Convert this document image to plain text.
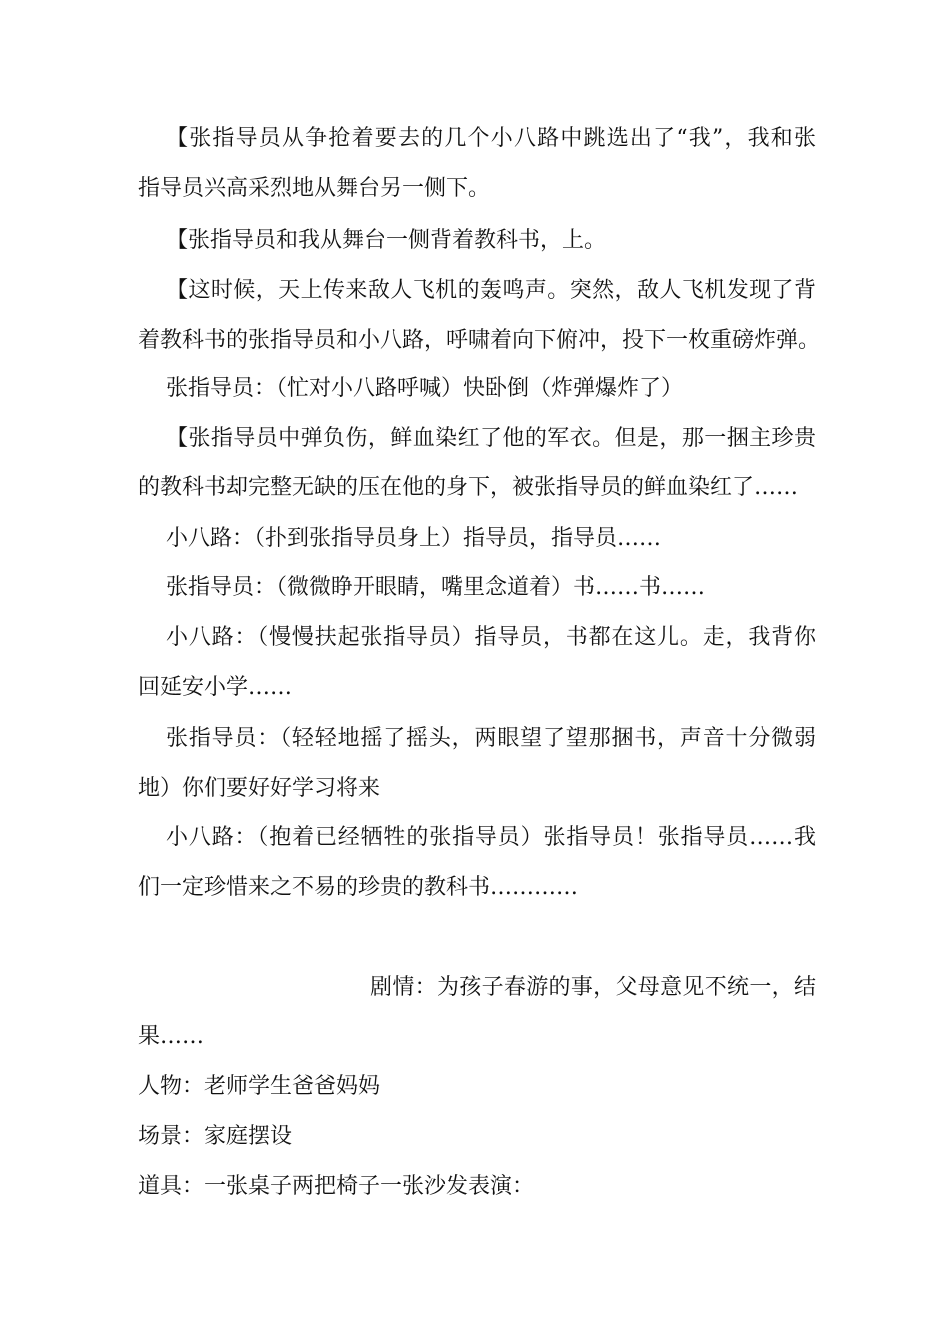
【张指导员从争抢着要去的几个小八路中跳选出了“我”，我和张
指导员兴高采烈地从舞台另一侧下。
【张指导员和我从舞台一侧背着教科书，上。
【这时候，天上传来敌人飞机的轰鸣声。突然，敌人飞机发现了背
着教科书的张指导员和小八路，呼啸着向下俯冲，投下一枚重磅炸弹。
张指导员：（忙对小八路呼喊）快卧倒（炸弹爆炸了）
【张指导员中弹负伤，鲜血染红了他的军衣。但是，那一捆主珍贵
的教科书却完整无缺的压在他的身下，被张指导员的鲜血染红了……
小八路：（扑到张指导员身上）指导员，指导员……
张指导员：（微微睁开眼睛，嘴里念道着）书……书……
小八路：（慢慢扶起张指导员）指导员，书都在这儿。走，我背你
回延安小学……
张指导员：（轻轻地摇了摇头，两眼望了望那捆书，声音十分微弱
地）你们要好好学习将来
小八路：（抱着已经牺牲的张指导员）张指导员！张指导员……我
们一定珍惜来之不易的珍贵的教科书…………
剧情：为孩子春游的事，父母意见不统一，结
果……
人物：老师学生爸爸妈妈
场景：家庭摆设
道具：一张桌子两把椅子一张沙发表演：
